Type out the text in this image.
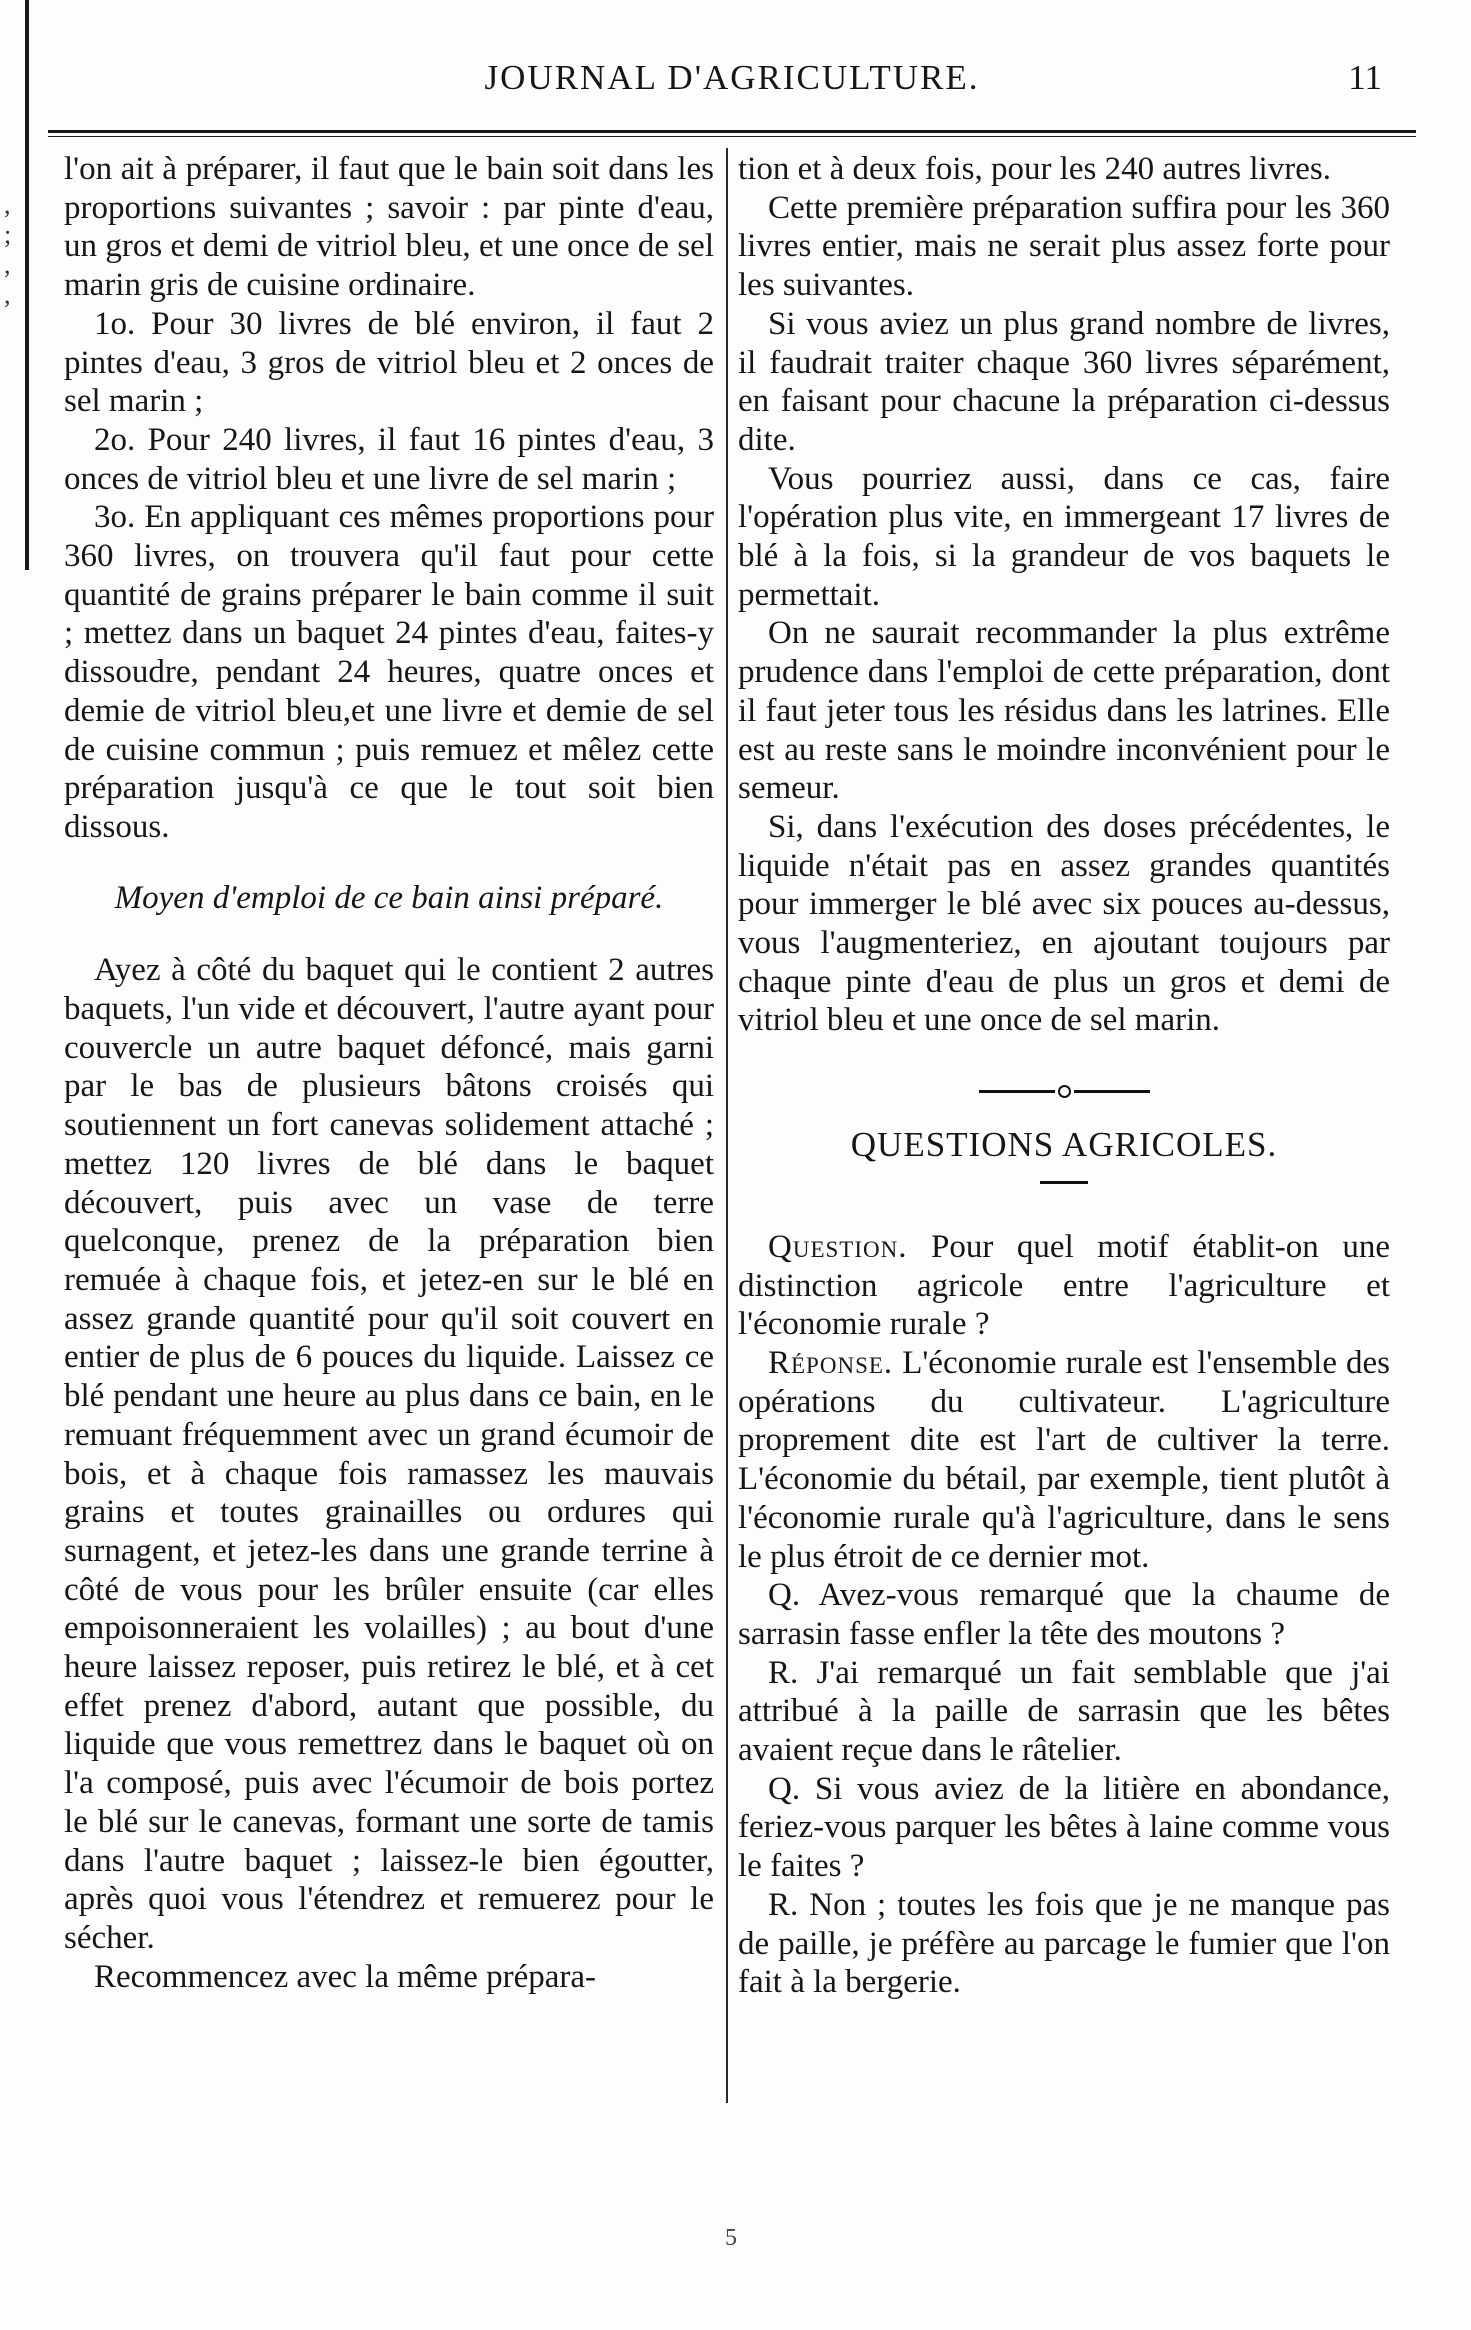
, ; , ,
JOURNAL D'AGRICULTURE.	11

l'on ait à préparer, il faut que le bain soit dans les proportions suivantes ; savoir : par pinte d'eau, un gros et demi de vitriol bleu, et une once de sel marin gris de cuisine ordinaire.

1o. Pour 30 livres de blé environ, il faut 2 pintes d'eau, 3 gros de vitriol bleu et 2 onces de sel marin ;

2o. Pour 240 livres, il faut 16 pintes d'eau, 3 onces de vitriol bleu et une livre de sel marin ;

3o. En appliquant ces mêmes proportions pour 360 livres, on trouvera qu'il faut pour cette quantité de grains préparer le bain comme il suit ; mettez dans un baquet 24 pintes d'eau, faites-y dissoudre, pendant 24 heures, quatre onces et demie de vitriol bleu,et une livre et demie de sel de cuisine commun ; puis remuez et mêlez cette préparation jusqu'à ce que le tout soit bien dissous.

Moyen d'emploi de ce bain ainsi préparé.

Ayez à côté du baquet qui le contient 2 autres baquets, l'un vide et découvert, l'autre ayant pour couvercle un autre baquet défoncé, mais garni par le bas de plusieurs bâtons croisés qui soutiennent un fort canevas solidement attaché ; mettez 120 livres de blé dans le baquet découvert, puis avec un vase de terre quelconque, prenez de la préparation bien remuée à chaque fois, et jetez-en sur le blé en assez grande quantité pour qu'il soit couvert en entier de plus de 6 pouces du liquide. Laissez ce blé pendant une heure au plus dans ce bain, en le remuant fréquemment avec un grand écumoir de bois, et à chaque fois ramassez les mauvais grains et toutes grainailles ou ordures qui surnagent, et jetez-les dans une grande terrine à côté de vous pour les brûler ensuite (car elles empoisonneraient les volailles) ; au bout d'une heure laissez reposer, puis retirez le blé, et à cet effet prenez d'abord, autant que possible, du liquide que vous remettrez dans le baquet où on l'a composé, puis avec l'écumoir de bois portez le blé sur le canevas, formant une sorte de tamis dans l'autre baquet ; laissez-le bien égoutter, après quoi vous l'étendrez et remuerez pour le sécher.

Recommencez avec la même prépara-

tion et à deux fois, pour les 240 autres livres.

Cette première préparation suffira pour les 360 livres entier, mais ne serait plus assez forte pour les suivantes.

Si vous aviez un plus grand nombre de livres, il faudrait traiter chaque 360 livres séparément, en faisant pour chacune la préparation ci-dessus dite.

Vous pourriez aussi, dans ce cas, faire l'opération plus vite, en immergeant 17 livres de blé à la fois, si la grandeur de vos baquets le permettait.

On ne saurait recommander la plus extrême prudence dans l'emploi de cette préparation, dont il faut jeter tous les résidus dans les latrines. Elle est au reste sans le moindre inconvénient pour le semeur.

Si, dans l'exécution des doses précédentes, le liquide n'était pas en assez grandes quantités pour immerger le blé avec six pouces au-dessus, vous l'augmenteriez, en ajoutant toujours par chaque pinte d'eau de plus un gros et demi de vitriol bleu et une once de sel marin.

QUESTIONS AGRICOLES.

Question. Pour quel motif établit-on une distinction agricole entre l'agriculture et l'économie rurale ?

Réponse. L'économie rurale est l'ensemble des opérations du cultivateur. L'agriculture proprement dite est l'art de cultiver la terre. L'économie du bétail, par exemple, tient plutôt à l'économie rurale qu'à l'agriculture, dans le sens le plus étroit de ce dernier mot.

Q. Avez-vous remarqué que la chaume de sarrasin fasse enfler la tête des moutons ?

R. J'ai remarqué un fait semblable que j'ai attribué à la paille de sarrasin que les bêtes avaient reçue dans le râtelier.

Q. Si vous aviez de la litière en abondance, feriez-vous parquer les bêtes à laine comme vous le faites ?

R. Non ; toutes les fois que je ne manque pas de paille, je préfère au parcage le fumier que l'on fait à la bergerie.

5
